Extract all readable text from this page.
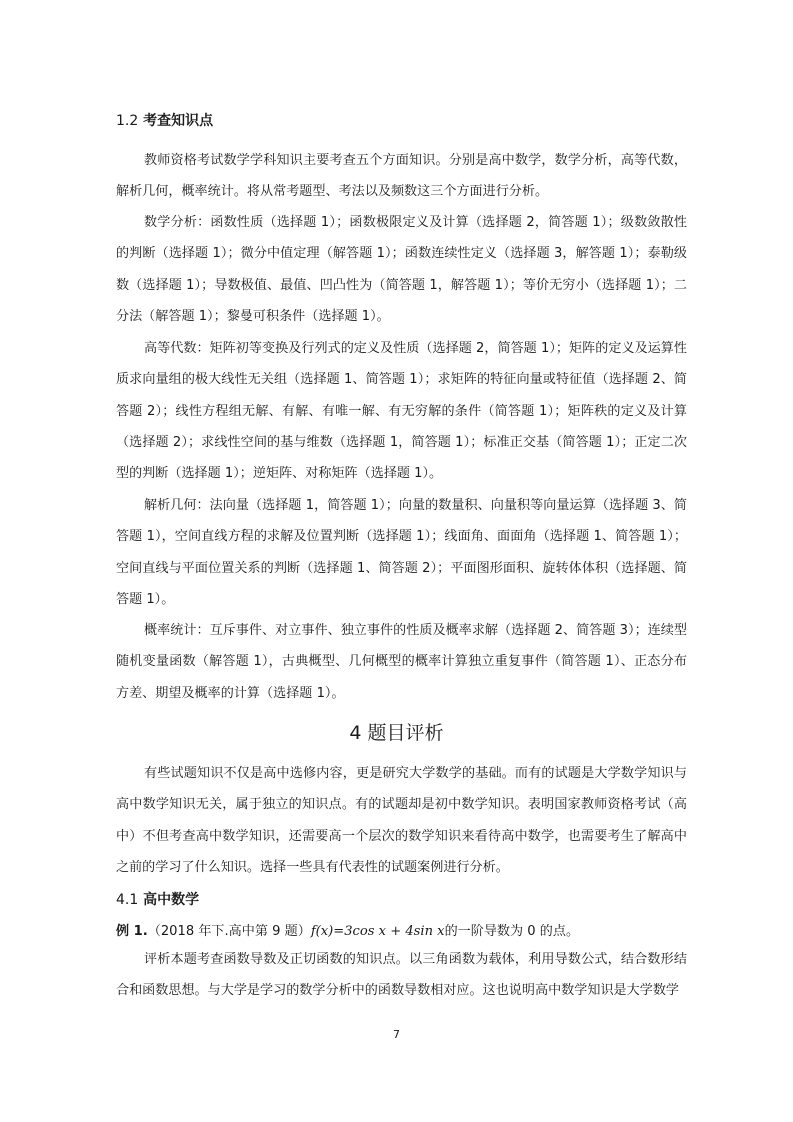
1.2 考查知识点

教师资格考试数学学科知识主要考查五个方面知识。分别是高中数学，数学分析，高等代数，解析几何，概率统计。将从常考题型、考法以及频数这三个方面进行分析。

数学分析：函数性质（选择题 1）；函数极限定义及计算（选择题 2，简答题 1）；级数敛散性的判断（选择题 1）；微分中值定理（解答题 1）；函数连续性定义（选择题 3，解答题 1）；泰勒级数（选择题 1）；导数极值、最值、凹凸性为（简答题 1，解答题 1）；等价无穷小（选择题 1）；二分法（解答题 1）；黎曼可积条件（选择题 1）。

高等代数：矩阵初等变换及行列式的定义及性质（选择题 2，简答题 1）；矩阵的定义及运算性质求向量组的极大线性无关组（选择题 1、简答题 1）；求矩阵的特征向量或特征值（选择题 2、简答题 2）；线性方程组无解、有解、有唯一解、有无穷解的条件（简答题 1）；矩阵秩的定义及计算（选择题 2）；求线性空间的基与维数（选择题 1，简答题 1）；标准正交基（简答题 1）；正定二次型的判断（选择题 1）；逆矩阵、对称矩阵（选择题 1）。

解析几何：法向量（选择题 1，简答题 1）；向量的数量积、向量积等向量运算（选择题 3、简答题 1），空间直线方程的求解及位置判断（选择题 1）；线面角、面面角（选择题 1、简答题 1）；空间直线与平面位置关系的判断（选择题 1、简答题 2）；平面图形面积、旋转体体积（选择题、简答题 1）。

概率统计：互斥事件、对立事件、独立事件的性质及概率求解（选择题 2、简答题 3）；连续型随机变量函数（解答题 1），古典概型、几何概型的概率计算独立重复事件（简答题 1）、正态分布方差、期望及概率的计算（选择题 1）。

4 题目评析

有些试题知识不仅是高中选修内容，更是研究大学数学的基础。而有的试题是大学数学知识与高中数学知识无关，属于独立的知识点。有的试题却是初中数学知识。表明国家教师资格考试（高中）不但考查高中数学知识，还需要高一个层次的数学知识来看待高中数学，也需要考生了解高中之前的学习了什么知识。选择一些具有代表性的试题案例进行分析。

4.1 高中数学

例 1.（2018 年下.高中第 9 题）f(x)=3cos x + 4sin x的一阶导数为 0 的点。

评析本题考查函数导数及正切函数的知识点。以三角函数为载体，利用导数公式，结合数形结合和函数思想。与大学是学习的数学分析中的函数导数相对应。这也说明高中数学知识是大学数学

7
